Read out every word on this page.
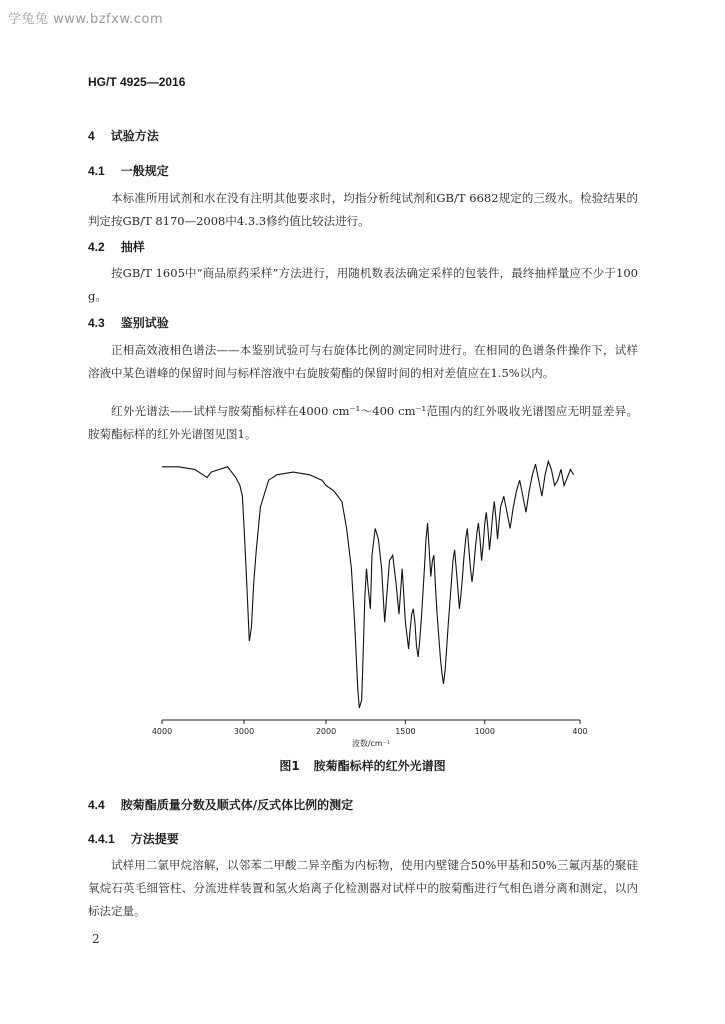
学兔兔 www.bzfxw.com
HG/T 4925—2016
4 试验方法
4.1 一般规定
本标准所用试剂和水在没有注明其他要求时，均指分析纯试剂和GB/T 6682规定的三级水。检验结果的判定按GB/T 8170—2008中4.3.3修约值比较法进行。
4.2 抽样
按GB/T 1605中“商品原药采样”方法进行，用随机数表法确定采样的包装件，最终抽样量应不少于100 g。
4.3 鉴别试验
正相高效液相色谱法——本鉴别试验可与右旋体比例的测定同时进行。在相同的色谱条件操作下，试样溶液中某色谱峰的保留时间与标样溶液中右旋胺菊酯的保留时间的相对差值应在1.5%以内。
红外光谱法——试样与胺菊酯标样在4000 cm⁻¹～400 cm⁻¹范围内的红外吸收光谱图应无明显差异。胺菊酯标样的红外光谱图见图1。
4000	3000	2000	1500	1000	400
波数/cm⁻¹
图1 胺菊酯标样的红外光谱图
4.4 胺菊酯质量分数及顺式体/反式体比例的测定
4.4.1 方法提要
试样用二氯甲烷溶解，以邻苯二甲酸二异辛酯为内标物，使用内壁键合50%甲基和50%三氟丙基的聚硅氧烷石英毛细管柱、分流进样装置和氢火焰离子化检测器对试样中的胺菊酯进行气相色谱分离和测定，以内标法定量。
2
